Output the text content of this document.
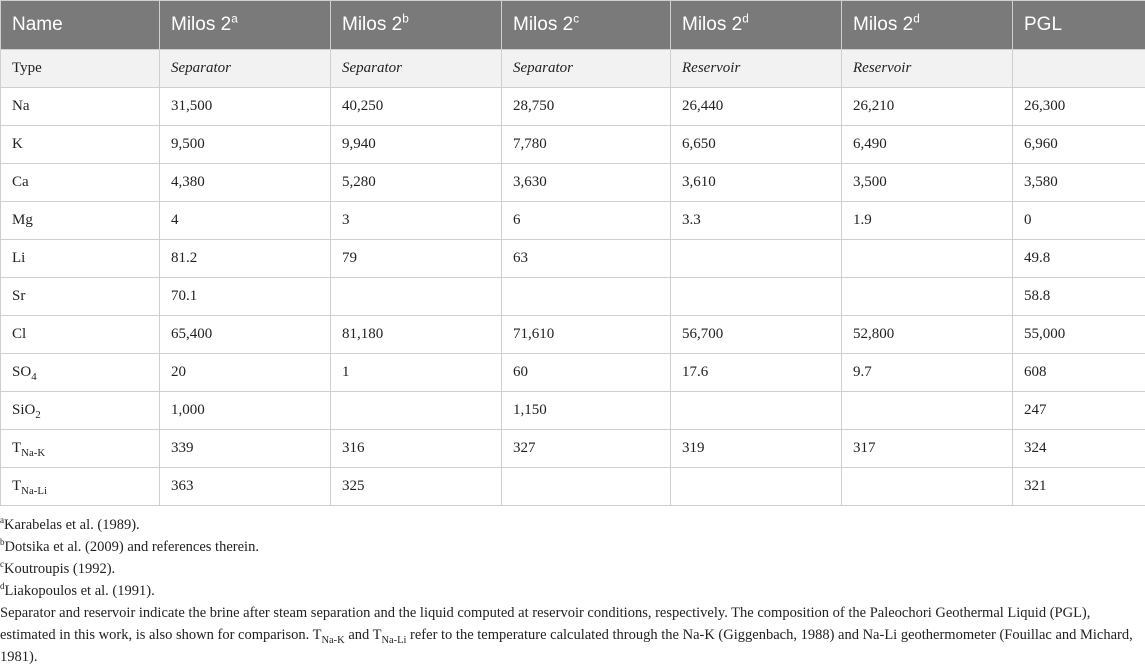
Name	Milos 2$^a$	Milos 2$^b$	Milos 2$^c$	Milos 2$^d$	Milos 2$^d$	PGL
Type	Separator	Separator	Separator	Reservoir	Reservoir	
Na	31,500	40,250	28,750	26,440	26,210	26,300
K	9,500	9,940	7,780	6,650	6,490	6,960
Ca	4,380	5,280	3,630	3,610	3,500	3,580
Mg	4	3	6	3.3	1.9	0
Li	81.2	79	63			49.8
Sr	70.1					58.8
Cl	65,400	81,180	71,610	56,700	52,800	55,000
$SO_4$	20	1	60	17.6	9.7	608
SiO$_2$	1,000		1,150			247
$T_{Na-K}$	339	316	327	319	317	324
$T_{Na-Li}$	363	325				321
$^a$Karabelas et al. (1989).
$^b$Dotsika et al. (2009) and references therein.
$^c$Koutroupis (1992).
$^d$Liakopoulos et al. (1991).

Separator and reservoir indicate the brine after steam separation and the liquid computed at reservoir conditions, respectively. The composition of the Paleochori Geothermal Liquid (PGL), estimated in this work, is also shown for comparison. $T_{Na-K}$ and $T_{Na-Li}$ refer to the temperature calculated through the Na-K (Giggenbach, 1988) and Na-Li geothermometer (Fouillac and Michard, 1981).
